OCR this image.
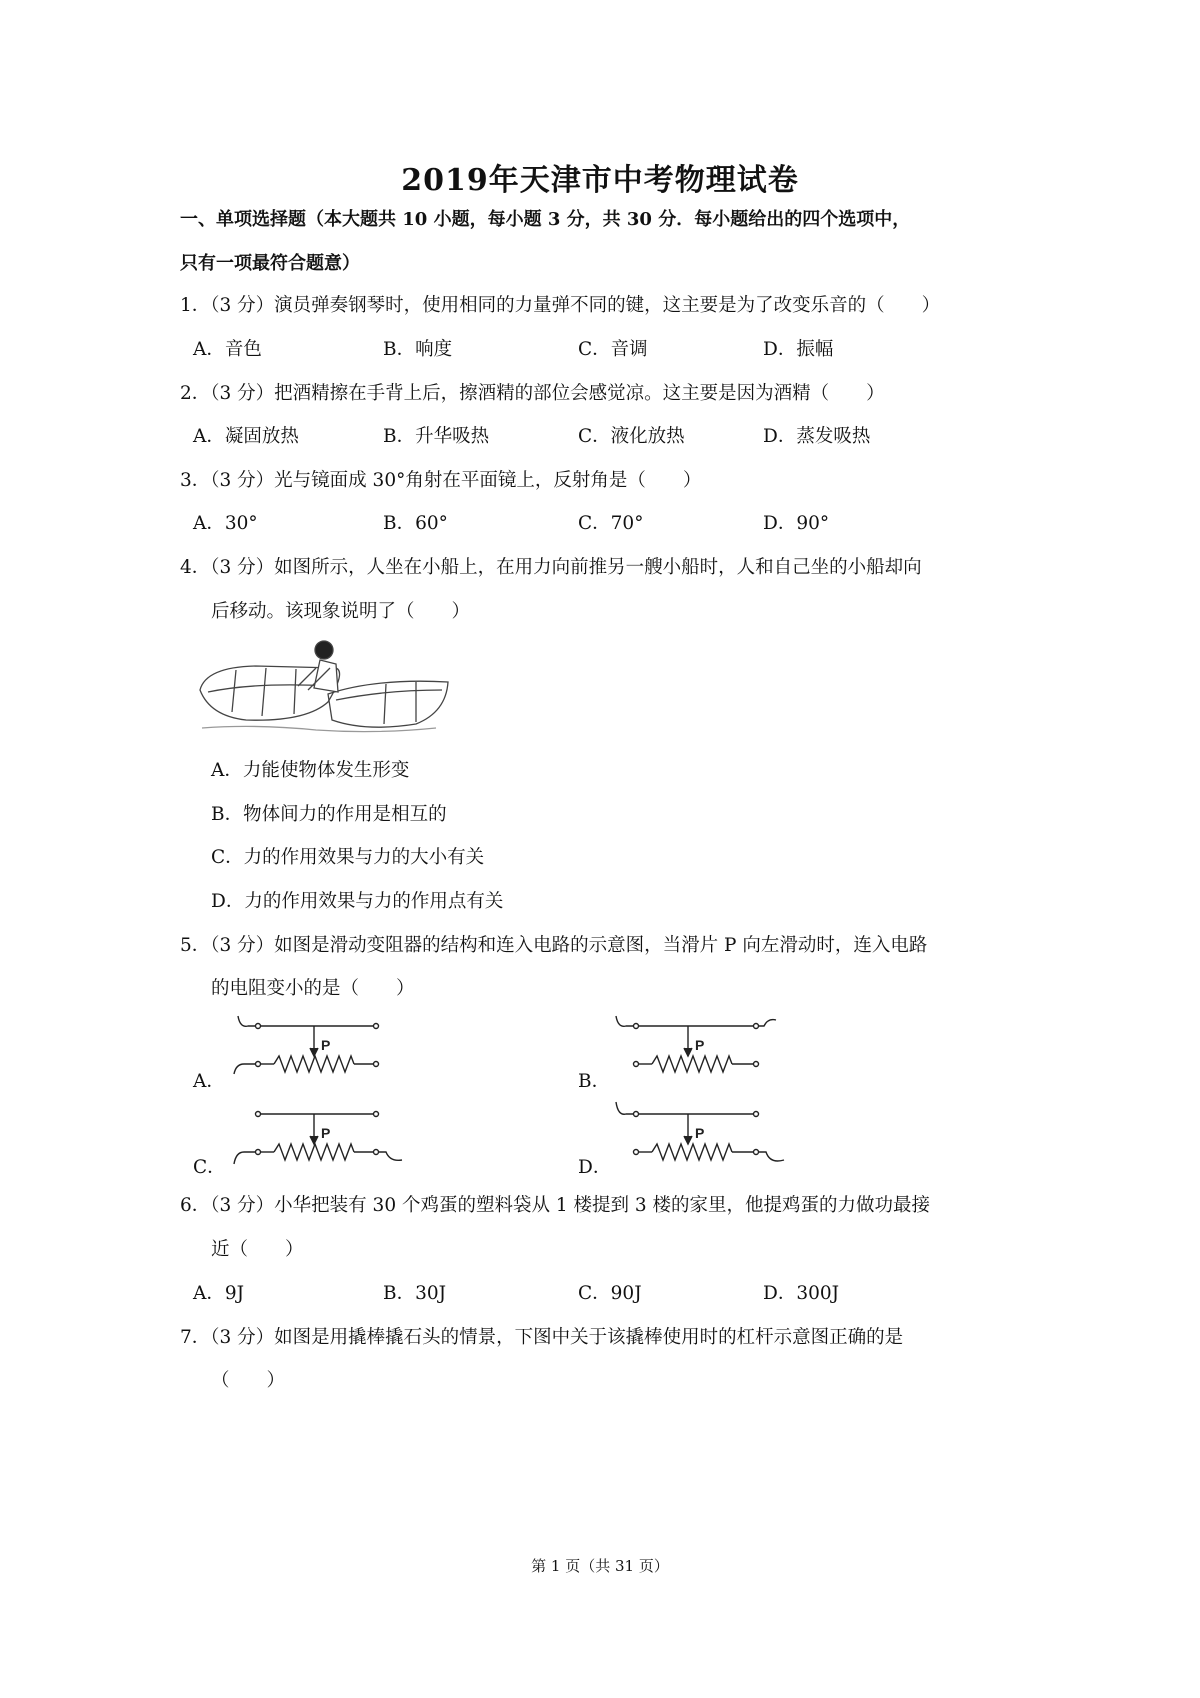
2019年天津市中考物理试卷
一、单项选择题（本大题共 10 小题，每小题 3 分，共 30 分．每小题给出的四个选项中，
只有一项最符合题意）
1．（3 分）演员弹奏钢琴时，使用相同的力量弹不同的键，这主要是为了改变乐音的（　　）
A．音色	B．响度	C．音调	D．振幅
2．（3 分）把酒精擦在手背上后，擦酒精的部位会感觉凉。这主要是因为酒精（　　）
A．凝固放热	B．升华吸热	C．液化放热	D．蒸发吸热
3．（3 分）光与镜面成 30°角射在平面镜上，反射角是（　　）
A．30°	B．60°	C．70°	D．90°
4．（3 分）如图所示，人坐在小船上，在用力向前推另一艘小船时，人和自己坐的小船却向
后移动。该现象说明了（　　）
A．力能使物体发生形变
B．物体间力的作用是相互的
C．力的作用效果与力的大小有关
D．力的作用效果与力的作用点有关
5．（3 分）如图是滑动变阻器的结构和连入电路的示意图，当滑片 P 向左滑动时，连入电路
的电阻变小的是（　　）
A．	B．
C．	D．
P	P
P	P
6．（3 分）小华把装有 30 个鸡蛋的塑料袋从 1 楼提到 3 楼的家里，他提鸡蛋的力做功最接
近（　　）
A．9J	B．30J	C．90J	D．300J
7．（3 分）如图是用撬棒撬石头的情景，下图中关于该撬棒使用时的杠杆示意图正确的是
（　　）
第 1 页（共 31 页）
